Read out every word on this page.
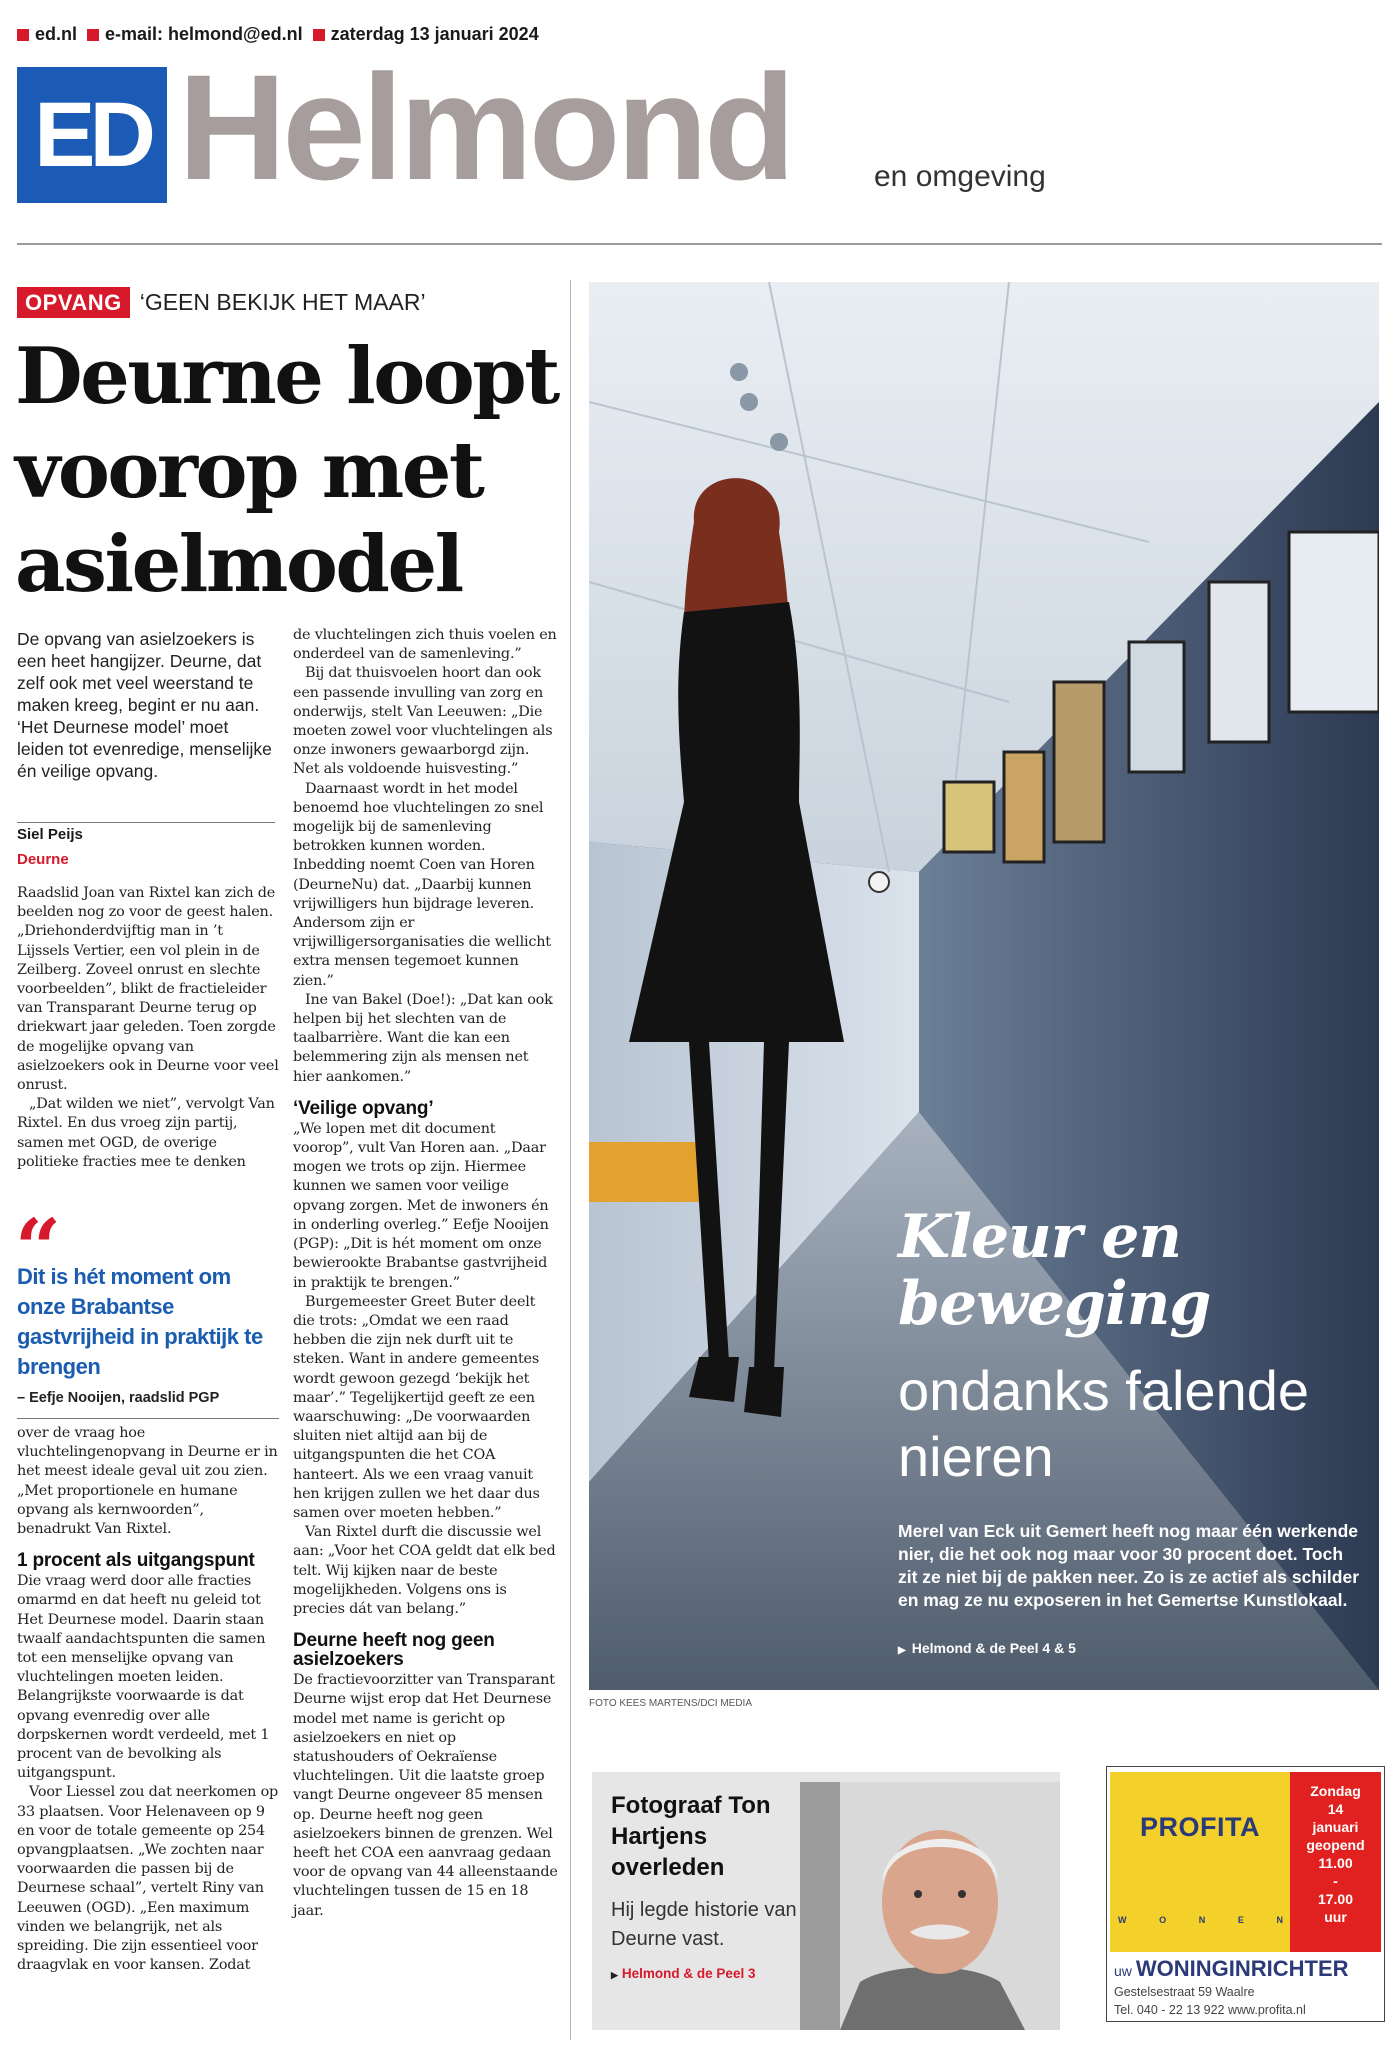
ed.nl	e-mail: helmond@ed.nl	zaterdag 13 januari 2024
ED Helmond	en omgeving
OPVANG ‘GEEN BEKIJK HET MAAR’
Deurne loopt voorop met asielmodel
De opvang van asielzoekers is een heet hangijzer. Deurne, dat zelf ook met veel weerstand te maken kreeg, begint er nu aan. ‘Het Deurnese model’ moet leiden tot evenredige, menselijke én veilige opvang.
Siel Peijs
Deurne

Raadslid Joan van Rixtel kan zich de beelden nog zo voor de geest halen. „Driehonderdvijftig man in ’t Lijssels Vertier, een vol plein in de Zeilberg. Zoveel onrust en slechte voorbeelden”, blikt de fractieleider van Transparant Deurne terug op driekwart jaar geleden. Toen zorgde de mogelijke opvang van asielzoekers ook in Deurne voor veel onrust.

„Dat wilden we niet”, vervolgt Van Rixtel. En dus vroeg zijn partij, samen met OGD, de overige politieke fracties mee te denken

“
Dit is hét moment om onze Brabantse gastvrijheid in praktijk te brengen
– Eefje Nooijen, raadslid PGP

over de vraag hoe vluchtelingenopvang in Deurne er in het meest ideale geval uit zou zien. „Met proportionele en humane opvang als kernwoorden”, benadrukt Van Rixtel.

1 procent als uitgangspunt

Die vraag werd door alle fracties omarmd en dat heeft nu geleid tot Het Deurnese model. Daarin staan twaalf aandachtspunten die samen tot een menselijke opvang van vluchtelingen moeten leiden. Belangrijkste voorwaarde is dat opvang evenredig over alle dorpskernen wordt verdeeld, met 1 procent van de bevolking als uitgangspunt.

Voor Liessel zou dat neerkomen op 33 plaatsen. Voor Helenaveen op 9 en voor de totale gemeente op 254 opvangplaatsen. „We zochten naar voorwaarden die passen bij de Deurnese schaal”, vertelt Riny van Leeuwen (OGD). „Een maximum vinden we belangrijk, net als spreiding. Die zijn essentieel voor draagvlak en voor kansen. Zodat

de vluchtelingen zich thuis voelen en onderdeel van de samenleving.”

Bij dat thuisvoelen hoort dan ook een passende invulling van zorg en onderwijs, stelt Van Leeuwen: „Die moeten zowel voor vluchtelingen als onze inwoners gewaarborgd zijn. Net als voldoende huisvesting.”

Daarnaast wordt in het model benoemd hoe vluchtelingen zo snel mogelijk bij de samenleving betrokken kunnen worden. Inbedding noemt Coen van Horen (DeurneNu) dat. „Daarbij kunnen vrijwilligers hun bijdrage leveren. Andersom zijn er vrijwilligersorganisaties die wellicht extra mensen tegemoet kunnen zien.”

Ine van Bakel (Doe!): „Dat kan ook helpen bij het slechten van de taalbarrière. Want die kan een belemmering zijn als mensen net hier aankomen.”

‘Veilige opvang’

„We lopen met dit document voorop”, vult Van Horen aan. „Daar mogen we trots op zijn. Hiermee kunnen we samen voor veilige opvang zorgen. Met de inwoners én in onderling overleg.” Eefje Nooijen (PGP): „Dit is hét moment om onze bewierookte Brabantse gastvrijheid in praktijk te brengen.”

Burgemeester Greet Buter deelt die trots: „Omdat we een raad hebben die zijn nek durft uit te steken. Want in andere gemeentes wordt gewoon gezegd ‘bekijk het maar’.” Tegelijkertijd geeft ze een waarschuwing: „De voorwaarden sluiten niet altijd aan bij de uitgangspunten die het COA hanteert. Als we een vraag vanuit hen krijgen zullen we het daar dus samen over moeten hebben.”

Van Rixtel durft die discussie wel aan: „Voor het COA geldt dat elk bed telt. Wij kijken naar de beste mogelijkheden. Volgens ons is precies dát van belang.”

Deurne heeft nog geen asielzoekers

De fractievoorzitter van Transparant Deurne wijst erop dat Het Deurnese model met name is gericht op asielzoekers en niet op statushouders of Oekraïense vluchtelingen. Uit die laatste groep vangt Deurne ongeveer 85 mensen op. Deurne heeft nog geen asielzoekers binnen de grenzen. Wel heeft het COA een aanvraag gedaan voor de opvang van 44 alleenstaande vluchtelingen tussen de 15 en 18 jaar.

FOTO KEES MARTENS/DCI MEDIA
Kleur en beweging
ondanks falende nieren
Merel van Eck uit Gemert heeft nog maar één werkende nier, die het ook nog maar voor 30 procent doet. Toch zit ze niet bij de pakken neer. Zo is ze actief als schilder en mag ze nu exposeren in het Gemertse Kunstlokaal.
▶ Helmond & de Peel 4 & 5
Fotograaf Ton Hartjens overleden
Hij legde historie van Deurne vast.
▶ Helmond & de Peel 3
PROFITA
W	O	N	E	N
Zondag
14
januari
geopend
11.00
-
17.00
uur
uw WONINGINRICHTER
Gestelsestraat 59 Waalre
Tel. 040 - 22 13 922 www.profita.nl
